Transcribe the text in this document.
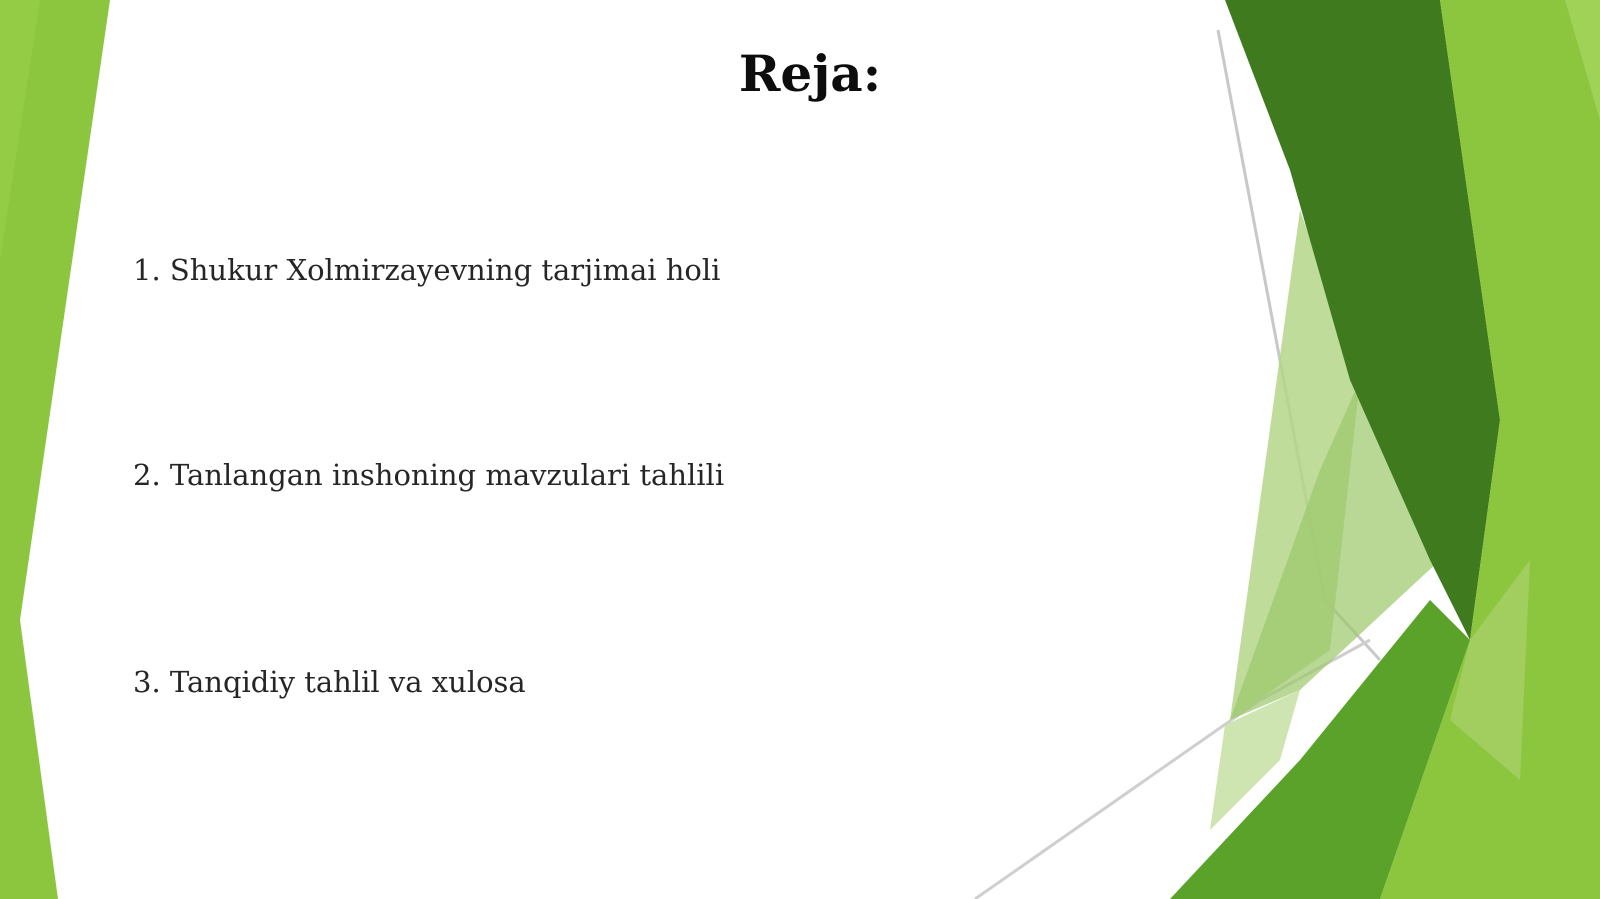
Reja:
1. Shukur Xolmirzayevning tarjimai holi
2. Tanlangan inshoning mavzulari tahlili
3. Tanqidiy tahlil va xulosa
